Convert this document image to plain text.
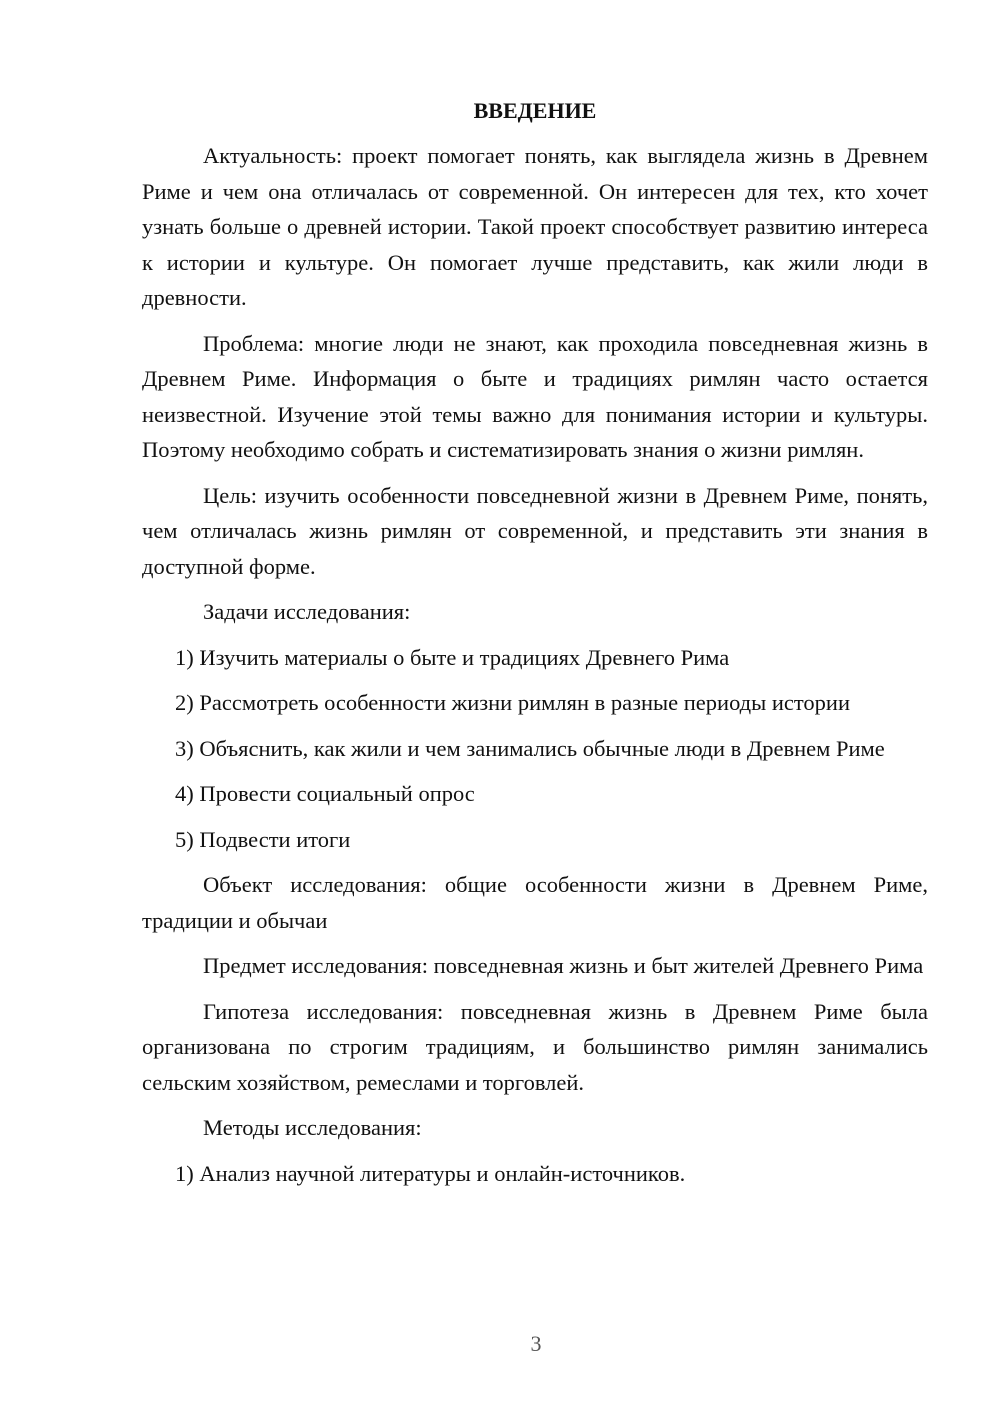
ВВЕДЕНИЕ

Актуальность: проект помогает понять, как выглядела жизнь в Древнем Риме и чем она отличалась от современной. Он интересен для тех, кто хочет узнать больше о древней истории. Такой проект способствует развитию интереса к истории и культуре. Он помогает лучше представить, как жили люди в древности.

Проблема: многие люди не знают, как проходила повседневная жизнь в Древнем Риме. Информация о быте и традициях римлян часто остается неизвестной. Изучение этой темы важно для понимания истории и культуры. Поэтому необходимо собрать и систематизировать знания о жизни римлян.

Цель: изучить особенности повседневной жизни в Древнем Риме, понять, чем отличалась жизнь римлян от современной, и представить эти знания в доступной форме.

Задачи исследования:

1) Изучить материалы о быте и традициях Древнего Рима

2) Рассмотреть особенности жизни римлян в разные периоды истории

3) Объяснить, как жили и чем занимались обычные люди в Древнем Риме

4) Провести социальный опрос

5) Подвести итоги

Объект исследования: общие особенности жизни в Древнем Риме, традиции и обычаи

Предмет исследования: повседневная жизнь и быт жителей Древнего Рима

Гипотеза исследования: повседневная жизнь в Древнем Риме была организована по строгим традициям, и большинство римлян занимались сельским хозяйством, ремеслами и торговлей.

Методы исследования:

1) Анализ научной литературы и онлайн-источников.

3
